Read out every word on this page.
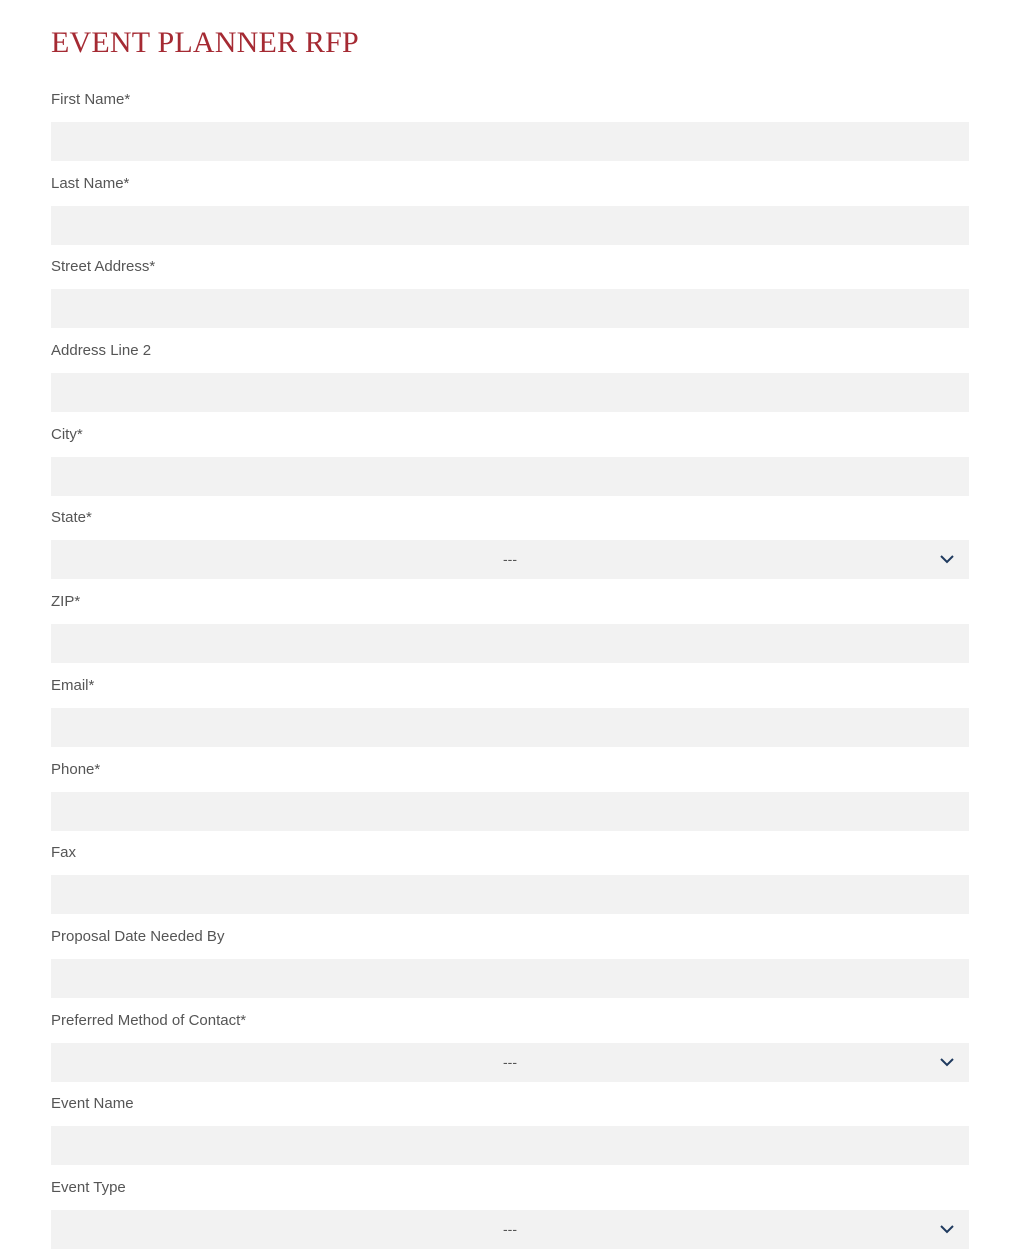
EVENT PLANNER RFP
First Name*
Last Name*
Street Address*
Address Line 2
City*
State*
---
ZIP*
Email*
Phone*
Fax
Proposal Date Needed By
Preferred Method of Contact*
---
Event Name
Event Type
---
